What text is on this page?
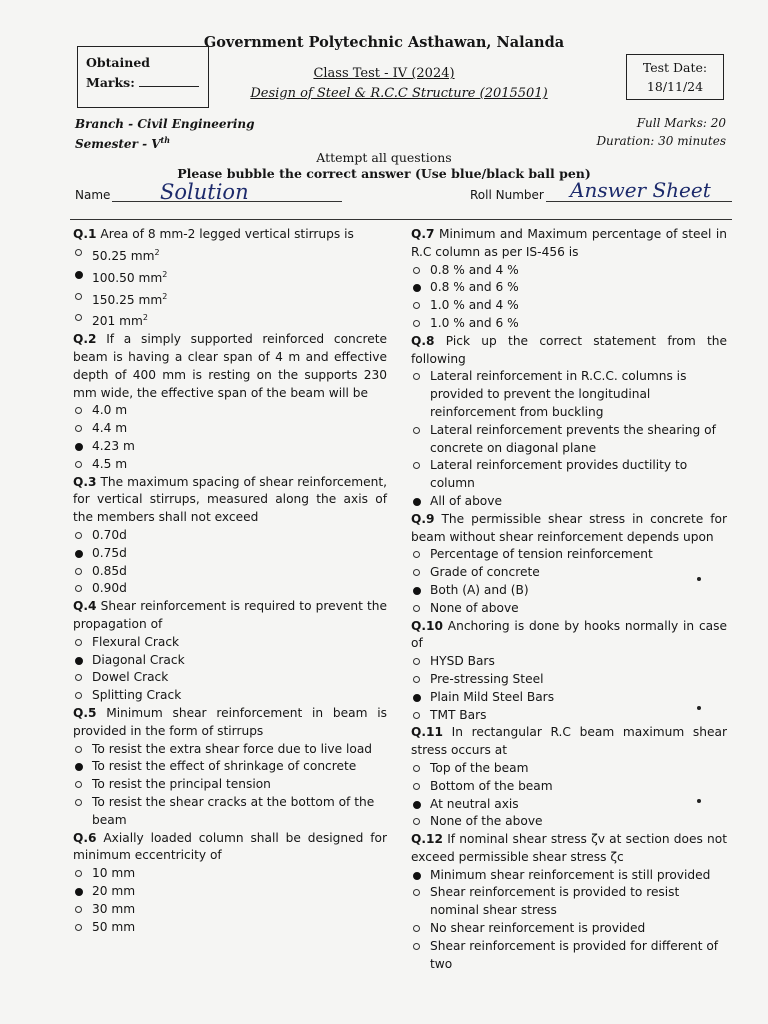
Government Polytechnic Asthawan, Nalanda
Obtained
Marks:
Test Date:
18/11/24
Class Test - IV (2024)
Design of Steel & R.C.C Structure (2015501)
Branch - Civil Engineering
Semester - Vth
Full Marks: 20
Duration: 30 minutes
Attempt all questions
Please bubble the correct answer (Use blue/black ball pen)
Name Solution	Roll Number Answer Sheet
Q.1 Area of 8 mm-2 legged vertical stirrups is
50.25 $mm^2$
100.50 $mm^2$
150.25 $mm^2$
201 $mm^2$
Q.2 If a simply supported reinforced concrete beam is having a clear span of 4 m and effective depth of 400 mm is resting on the supports 230 mm wide, the effective span of the beam will be
4.0 m
4.4 m
4.23 m
4.5 m
Q.3 The maximum spacing of shear reinforcement, for vertical stirrups, measured along the axis of the members shall not exceed
0.70d
0.75d
0.85d
0.90d
Q.4 Shear reinforcement is required to prevent the propagation of
Flexural Crack
Diagonal Crack
Dowel Crack
Splitting Crack
Q.5 Minimum shear reinforcement in beam is provided in the form of stirrups
To resist the extra shear force due to live load
To resist the effect of shrinkage of concrete
To resist the principal tension
To resist the shear cracks at the bottom of the beam
Q.6 Axially loaded column shall be designed for minimum eccentricity of
10 mm
20 mm
30 mm
50 mm
Q.7 Minimum and Maximum percentage of steel in R.C column as per IS-456 is
0.8 % and 4 %
0.8 % and 6 %
1.0 % and 4 %
1.0 % and 6 %
Q.8 Pick up the correct statement from the following
Lateral reinforcement in R.C.C. columns is provided to prevent the longitudinal reinforcement from buckling
Lateral reinforcement prevents the shearing of concrete on diagonal plane
Lateral reinforcement provides ductility to column
All of above
Q.9 The permissible shear stress in concrete for beam without shear reinforcement depends upon
Percentage of tension reinforcement
Grade of concrete
Both (A) and (B)
None of above
Q.10 Anchoring is done by hooks normally in case of
HYSD Bars
Pre-stressing Steel
Plain Mild Steel Bars
TMT Bars
Q.11 In rectangular R.C beam maximum shear stress occurs at
Top of the beam
Bottom of the beam
At neutral axis
None of the above
Q.12 If nominal shear stress ζv at section does not exceed permissible shear stress ζc
Minimum shear reinforcement is still provided
Shear reinforcement is provided to resist nominal shear stress
No shear reinforcement is provided
Shear reinforcement is provided for different of two
